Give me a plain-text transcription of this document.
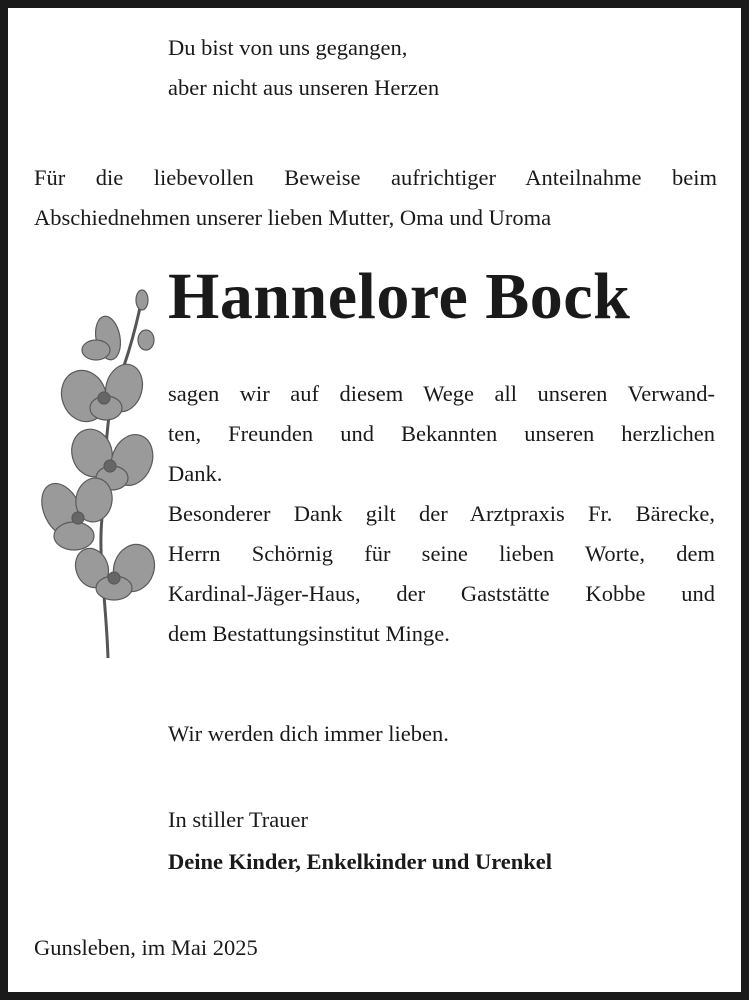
Du bist von uns gegangen,
aber nicht aus unseren Herzen
Für die liebevollen Beweise aufrichtiger Anteilnahme beim
Abschiednehmen unserer lieben Mutter, Oma und Uroma
Hannelore Bock
sagen wir auf diesem Wege all unseren Verwand-
ten, Freunden und Bekannten unseren herzlichen
Dank.
Besonderer Dank gilt der Arztpraxis Fr. Bärecke,
Herrn Schörnig für seine lieben Worte, dem
Kardinal-Jäger-Haus, der Gaststätte Kobbe und
dem Bestattungsinstitut Minge.

Wir werden dich immer lieben.

In stiller Trauer

Deine Kinder, Enkelkinder und Urenkel

Gunsleben, im Mai 2025
